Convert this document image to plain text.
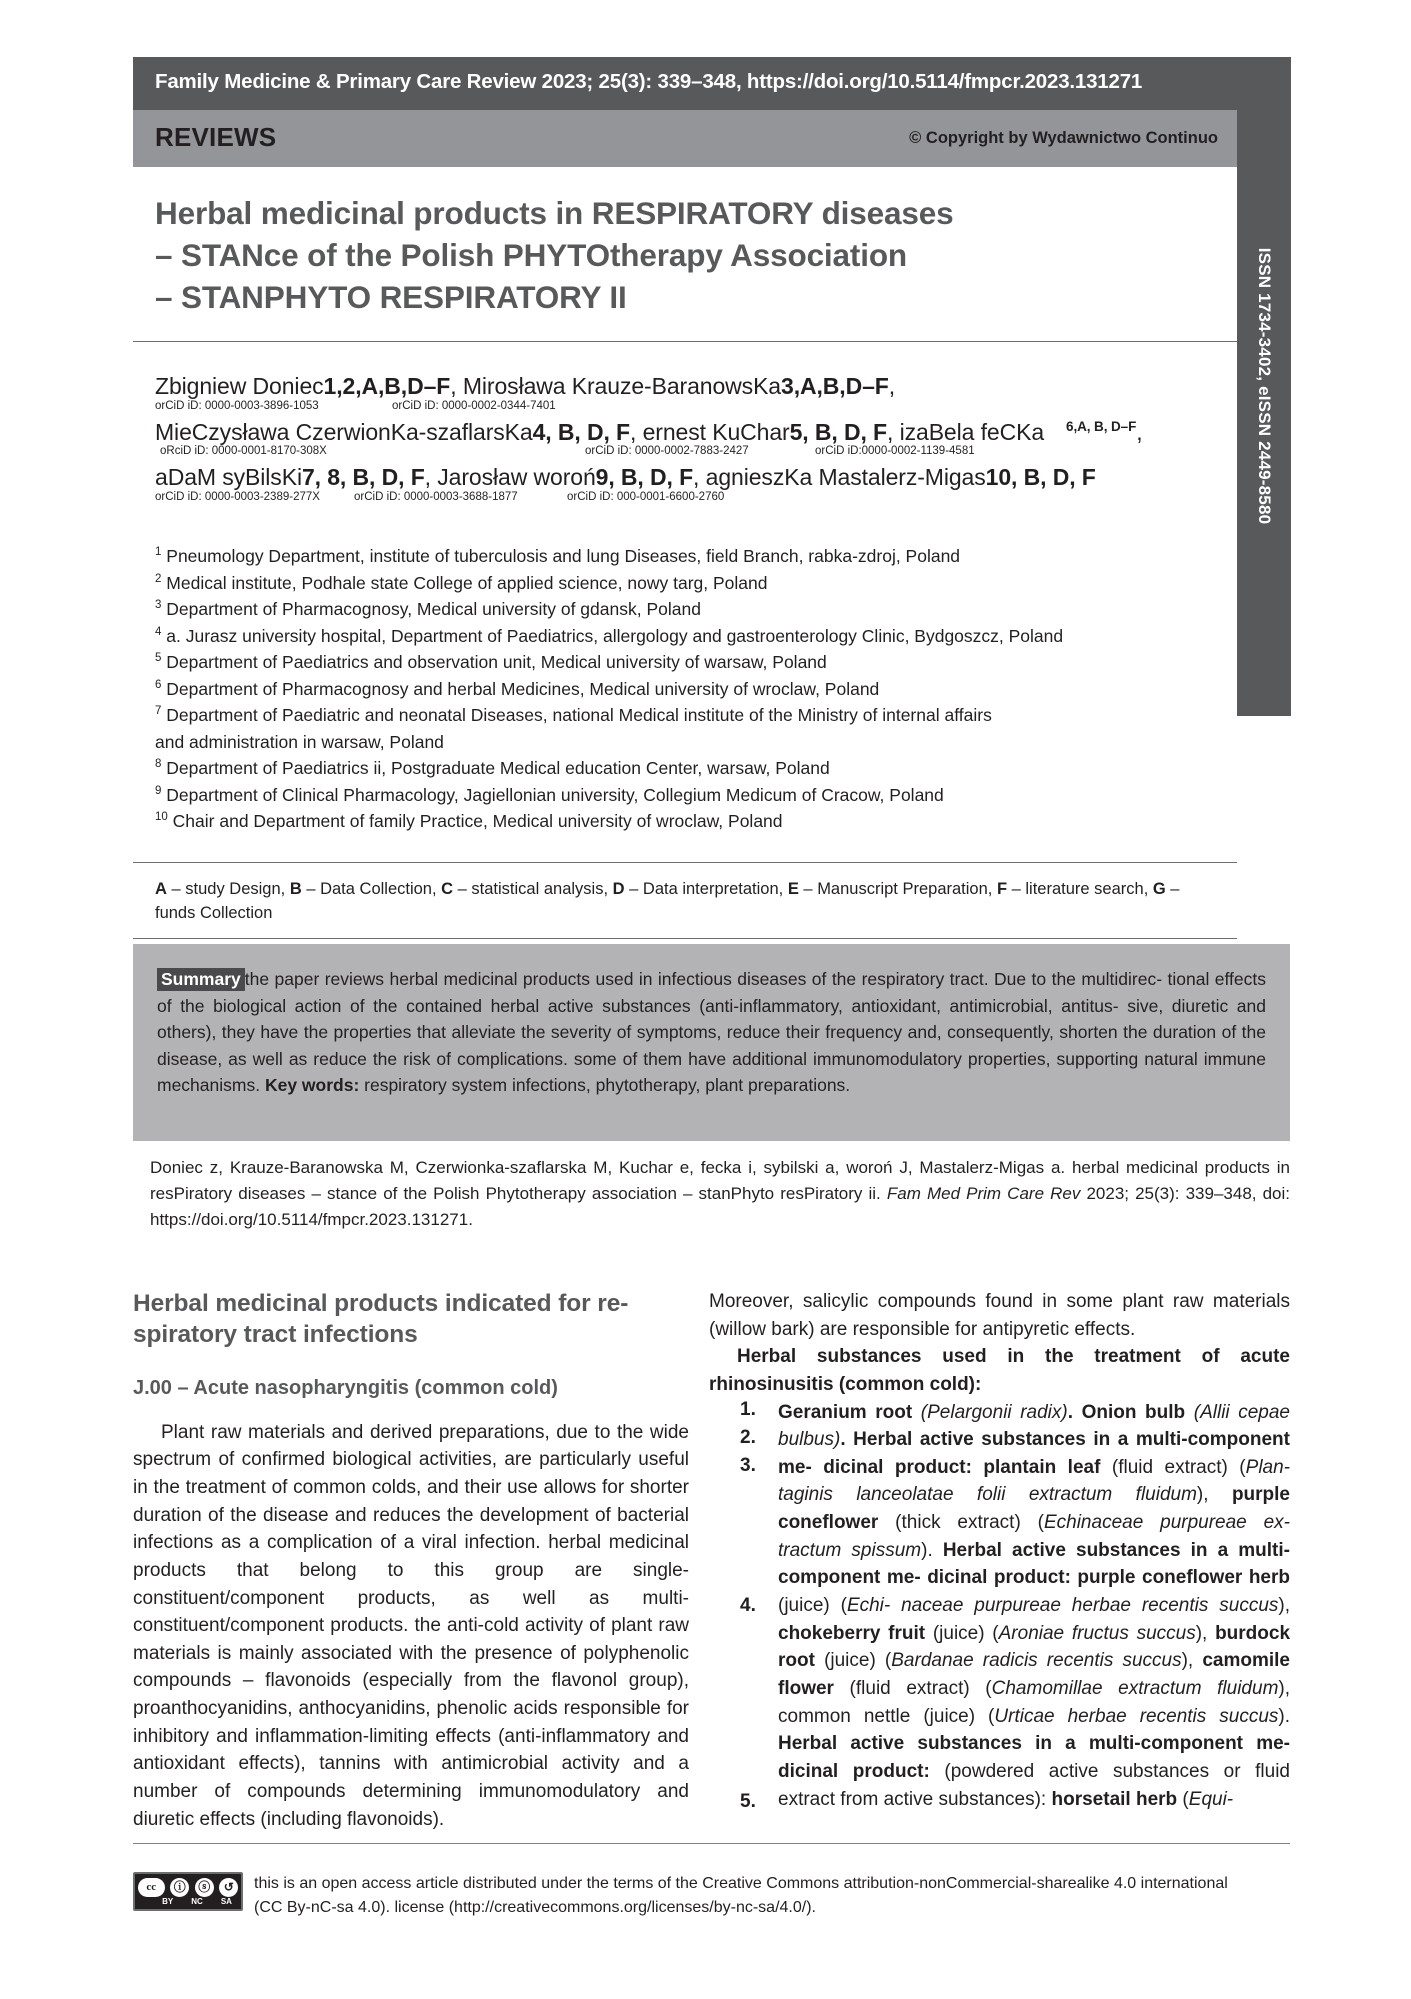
Family Medicine & Primary Care Review 2023; 25(3): 339–348, https://doi.org/10.5114/fmpcr.2023.131271
REVIEWS	© Copyright by Wydawnictwo Continuo
ISSN 1734-3402, eISSN 2449-8580
Herbal medicinal products in RESPIRATORY diseases
– STANce of the Polish PHYTOtherapy Association
– STANPHYTO RESPIRATORY II
Zbigniew Doniec1,2,A,B,D–F, Mirosława Krauze-BaranowsKa3,A,B,D–F,
orCiD iD: 0000-0003-3896-1053	orCiD iD: 0000-0002-0344-7401
MieCzysława CzerwionKa-szaflarsKa4, B, D, F, ernest KuChar5, B, D, F, izaBela feCKa $^{6,A, B, D-F}$,
oRciD iD: 0000-0001-8170-308X	orCiD iD: 0000-0002-7883-2427	orCiD iD:0000-0002-1139-4581
aDaM syBilsKi7, 8, B, D, F, Jarosław woroń9, B, D, F, agnieszKa Mastalerz-Migas10, B, D, F
orCiD iD: 0000-0003-2389-277X	orCiD iD: 0000-0003-3688-1877	orCiD iD: 000-0001-6600-2760
$^1$ Pneumology Department, institute of tuberculosis and lung Diseases, field Branch, rabka-zdroj, Poland
$^2$ Medical institute, Podhale state College of applied science, nowy targ, Poland
$^3$ Department of Pharmacognosy, Medical university of gdansk, Poland
$^4$ a. Jurasz university hospital, Department of Paediatrics, allergology and gastroenterology Clinic, Bydgoszcz, Poland
$^5$ Department of Paediatrics and observation unit, Medical university of warsaw, Poland
$^6$ Department of Pharmacognosy and herbal Medicines, Medical university of wroclaw, Poland
$^7$ Department of Paediatric and neonatal Diseases, national Medical institute of the Ministry of internal affairs
and administration in warsaw, Poland
$^8$ Department of Paediatrics ii, Postgraduate Medical education Center, warsaw, Poland
$^9$ Department of Clinical Pharmacology, Jagiellonian university, Collegium Medicum of Cracow, Poland
$^{10}$ Chair and Department of family Practice, Medical university of wroclaw, Poland
A – study Design, B – Data Collection, C – statistical analysis, D – Data interpretation, E – Manuscript Preparation, F – literature search, G – funds Collection
Summary the paper reviews herbal medicinal products used in infectious diseases of the respiratory tract. Due to the multidirec- tional effects of the biological action of the contained herbal active substances (anti-inflammatory, antioxidant, antimicrobial, antitus- sive, diuretic and others), they have the properties that alleviate the severity of symptoms, reduce their frequency and, consequently, shorten the duration of the disease, as well as reduce the risk of complications. some of them have additional immunomodulatory properties, supporting natural immune mechanisms. Key words: respiratory system infections, phytotherapy, plant preparations.
Doniec z, Krauze-Baranowska M, Czerwionka-szaflarska M, Kuchar e, fecka i, sybilski a, woroń J, Mastalerz-Migas a. herbal medicinal products in resPiratory diseases – stance of the Polish Phytotherapy association – stanPhyto resPiratory ii. Fam Med Prim Care Rev 2023; 25(3): 339–348, doi: https://doi.org/10.5114/fmpcr.2023.131271.
Herbal medicinal products indicated for re- spiratory tract infections
J.00 – Acute nasopharyngitis (common cold)

Plant raw materials and derived preparations, due to the wide spectrum of confirmed biological activities, are particularly useful in the treatment of common colds, and their use allows for shorter duration of the disease and reduces the development of bacterial infections as a complication of a viral infection. herbal medicinal products that belong to this group are single-constituent/component products, as well as multi-constituent/component products. the anti-cold activity of plant raw materials is mainly associated with the presence of polyphenolic compounds – flavonoids (especially from the flavonol group), proanthocyanidins, anthocyanidins, phenolic acids responsible for inhibitory and inflammation-limiting effects (anti-inflammatory and antioxidant effects), tannins with antimicrobial activity and a number of compounds determining immunomodulatory and diuretic effects (including flavonoids).

Moreover, salicylic compounds found in some plant raw materials (willow bark) are responsible for antipyretic effects.

Herbal substances used in the treatment of acute rhinosinusitis (common cold):

1.
2.
3.
4.
5.
Geranium root (Pelargonii radix). Onion bulb (Allii cepae bulbus). Herbal active substances in a multi-component me- dicinal product: plantain leaf (fluid extract) (Plan- taginis lanceolatae folii extractum fluidum), purple coneflower (thick extract) (Echinaceae purpureae ex- tractum spissum). Herbal active substances in a multi-component me- dicinal product: purple coneflower herb (juice) (Echi- naceae purpureae herbae recentis succus), chokeberry fruit (juice) (Aroniae fructus succus), burdock root (juice) (Bardanae radicis recentis succus), camomile flower (fluid extract) (Chamomillae extractum fluidum), common nettle (juice) (Urticae herbae recentis succus). Herbal active substances in a multi-component me- dicinal product: (powdered active substances or fluid extract from active substances): horsetail herb (Equi-
cc	ⓘ ⓢ	↺
BY NC SA
this is an open access article distributed under the terms of the Creative Commons attribution-nonCommercial-sharealike 4.0 international
(CC By-nC-sa 4.0). license (http://creativecommons.org/licenses/by-nc-sa/4.0/).
